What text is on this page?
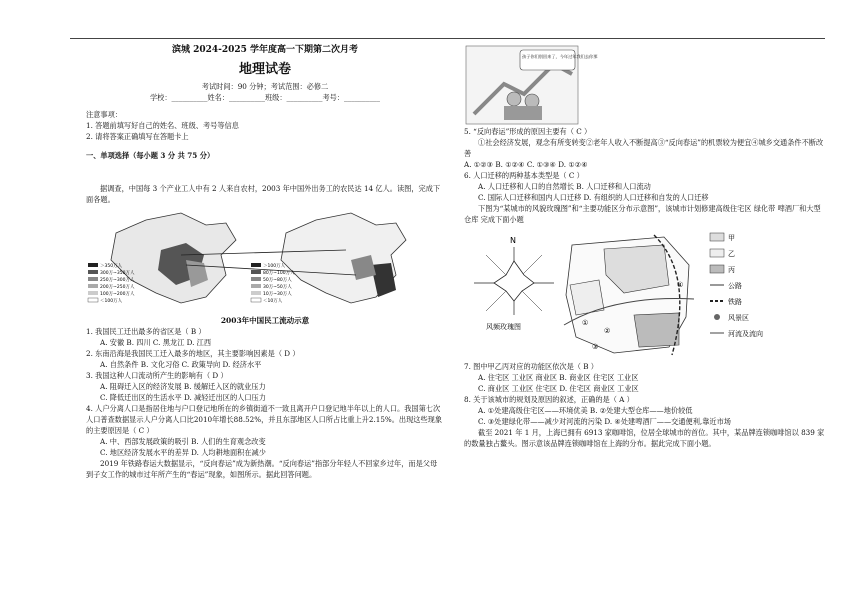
滨城 2024-2025 学年度高一下期第二次月考
地理试卷
考试时间：90 分钟；考试范围：必修二
学校：__________姓名：__________班级：__________考号：__________
注意事项：
1. 答题前填写好自己的姓名、班级、考号等信息
2. 请将答案正确填写在答题卡上
一、单项选择（每小题 3 分 共 75 分）
据调查，中国每 3 个产业工人中有 2 人来自农村，2003 年中国外出务工的农民达 14 亿人。读图，完成下面各题。
＞350万人
300万~350万人
250万~300万人
200万~250万人
100万~200万人
＜100万人
＞100万人
80万~100万人
50万~80万人
30万~50万人
10万~30万人
＜10万人
2003年中国民工流动示意
1. 我国民工迁出最多的省区是（ B ）
A. 安徽 B. 四川 C. 黑龙江 D. 江西
2. 东南沿海是我国民工迁入最多的地区，其主要影响因素是（ D ）
A. 自然条件 B. 文化习俗 C. 政策导向 D. 经济水平
3. 我国这种人口流动所产生的影响有（ D ）
A. 阻碍迁入区的经济发展 B. 缓解迁入区的就业压力
C. 降低迁出区的生活水平 D. 减轻迁出区的人口压力
4. 人户分离人口是指居住地与户口登记地所在的乡镇街道不一致且离开户口登记地半年以上的人口。我国第七次人口普查数据显示人户分离人口比2010年增长88.52%，并且东部地区人口所占比重上升2.15%。出现这些现象的主要原因是（ C ）
A. 中、西部发展政策的吸引 B. 人们的生育观念改变
C. 地区经济发展水平的差异 D. 人均耕地面积在减少
2019 年铁路春运大数据显示，“反向春运”成为新热潮。“反向春运”指部分年轻人不回家乡过年，而是父母到子女工作的城市过年所产生的“春运”现象，如图所示。据此回答问题。
孩子你们别回来了，今年过年我们去你那
5. “反向春运”形成的原因主要有（ C ）
①社会经济发展，观念有所变转变②老年人收入不断提高③“反向春运”的机票较为便宜④城乡交通条件不断改善
A. ①②③ B. ①②④ C. ①③④ D. ①②④
6. 人口迁移的两种基本类型是（ C ）
A. 人口迁移和人口的自然增长 B. 人口迁移和人口流动
C. 国际人口迁移和国内人口迁移 D. 有组织的人口迁移和自发的人口迁移
下图为“某城市的风貌玫瑰图”和“主要功能区分布示意图”，该城市计划修建高级住宅区 绿化带 啤酒厂和大型仓库 完成下面小题
N
风频玫瑰图	①
②
③
④
甲
乙
丙
公路
铁路
风景区
河流及流向
7. 图中甲乙丙对应的功能区依次是（ B ）
A. 住宅区 工业区 商业区 B. 商业区 住宅区 工业区
C. 商业区 工业区 住宅区 D. 住宅区 商业区 工业区
8. 关于该城市的规划及原因的叙述，正确的是（ A ）
A. ①处建高级住宅区——环境优美 B. ②处建大型仓库——地价较低
C. ③处建绿化带——减少对河流的污染 D. ④处建啤酒厂——交通便利,靠近市场
截至 2021 年 1 月，上海已拥有 6913 家咖啡馆，位居全球城市的首位。其中，某品牌连锁咖啡馆以 839 家的数量独占鳌头。图示意该品牌连锁咖啡馆在上海的分布。据此完成下面小题。
